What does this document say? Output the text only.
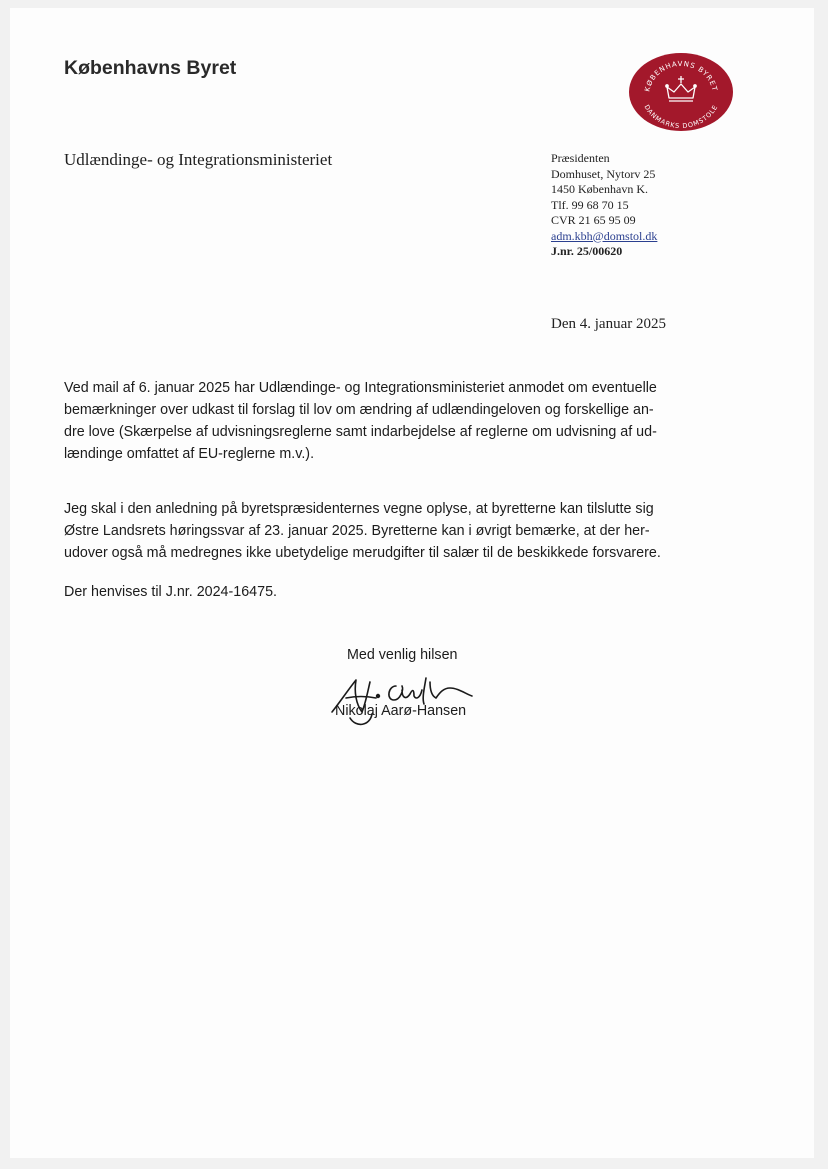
Københavns Byret
KØBENHAVNS BYRET
DANMARKS DOMSTOLE
Udlændinge- og Integrationsministeriet	Præsidenten
Domhuset, Nytorv 25
1450 København K.
Tlf. 99 68 70 15
CVR 21 65 95 09
adm.kbh@domstol.dk
J.nr. 25/00620
Den 4. januar 2025
Ved mail af 6. januar 2025 har Udlændinge- og Integrationsministeriet anmodet om eventuelle
bemærkninger over udkast til forslag til lov om ændring af udlændingeloven og forskellige an-
dre love (Skærpelse af udvisningsreglerne samt indarbejdelse af reglerne om udvisning af ud-
lændinge omfattet af EU-reglerne m.v.).
Jeg skal i den anledning på byretspræsidenternes vegne oplyse, at byretterne kan tilslutte sig
Østre Landsrets høringssvar af 23. januar 2025. Byretterne kan i øvrigt bemærke, at der her-
udover også må medregnes ikke ubetydelige merudgifter til salær til de beskikkede forsvarere.
Der henvises til J.nr. 2024-16475.
Med venlig hilsen
Nikolaj Aarø-Hansen
